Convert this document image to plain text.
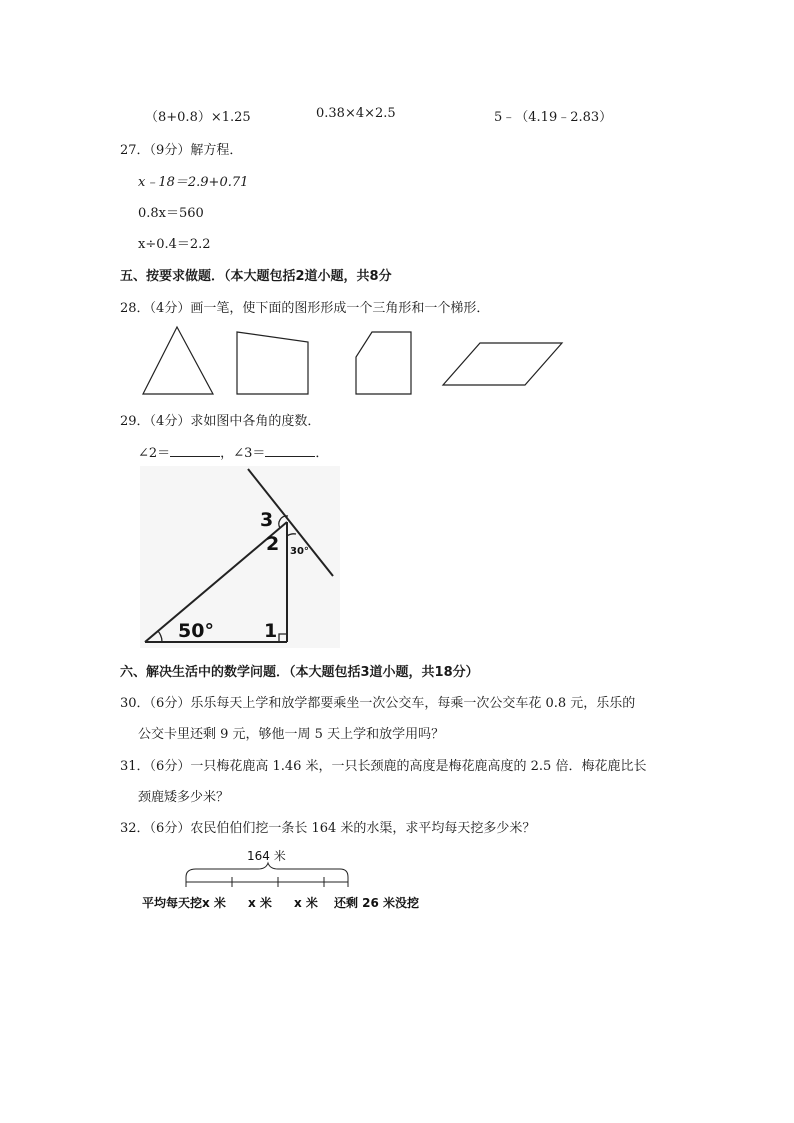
（8+0.8）×1.25	0.38×4×2.5	5﹣（4.19﹣2.83）
27．（9分）解方程．
x﹣18＝2.9+0.71
0.8x＝560
x÷0.4＝2.2
五、按要求做题．（本大题包括2道小题，共8分
28．（4分）画一笔，使下面的图形形成一个三角形和一个梯形．
29．（4分）求如图中各角的度数．
∠2＝	，∠3＝	．
3
2
1
50°
30°
六、解决生活中的数学问题．（本大题包括3道小题，共18分）
30．（6分）乐乐每天上学和放学都要乘坐一次公交车，每乘一次公交车花 0.8 元，乐乐的
公交卡里还剩 9 元，够他一周 5 天上学和放学用吗？
31．（6分）一只梅花鹿高 1.46 米，一只长颈鹿的高度是梅花鹿高度的 2.5 倍．梅花鹿比长
颈鹿矮多少米？
32．（6分）农民伯伯们挖一条长 164 米的水渠，求平均每天挖多少米？
164 米
平均每天挖x 米 x 米 x 米 还剩 26 米没挖
